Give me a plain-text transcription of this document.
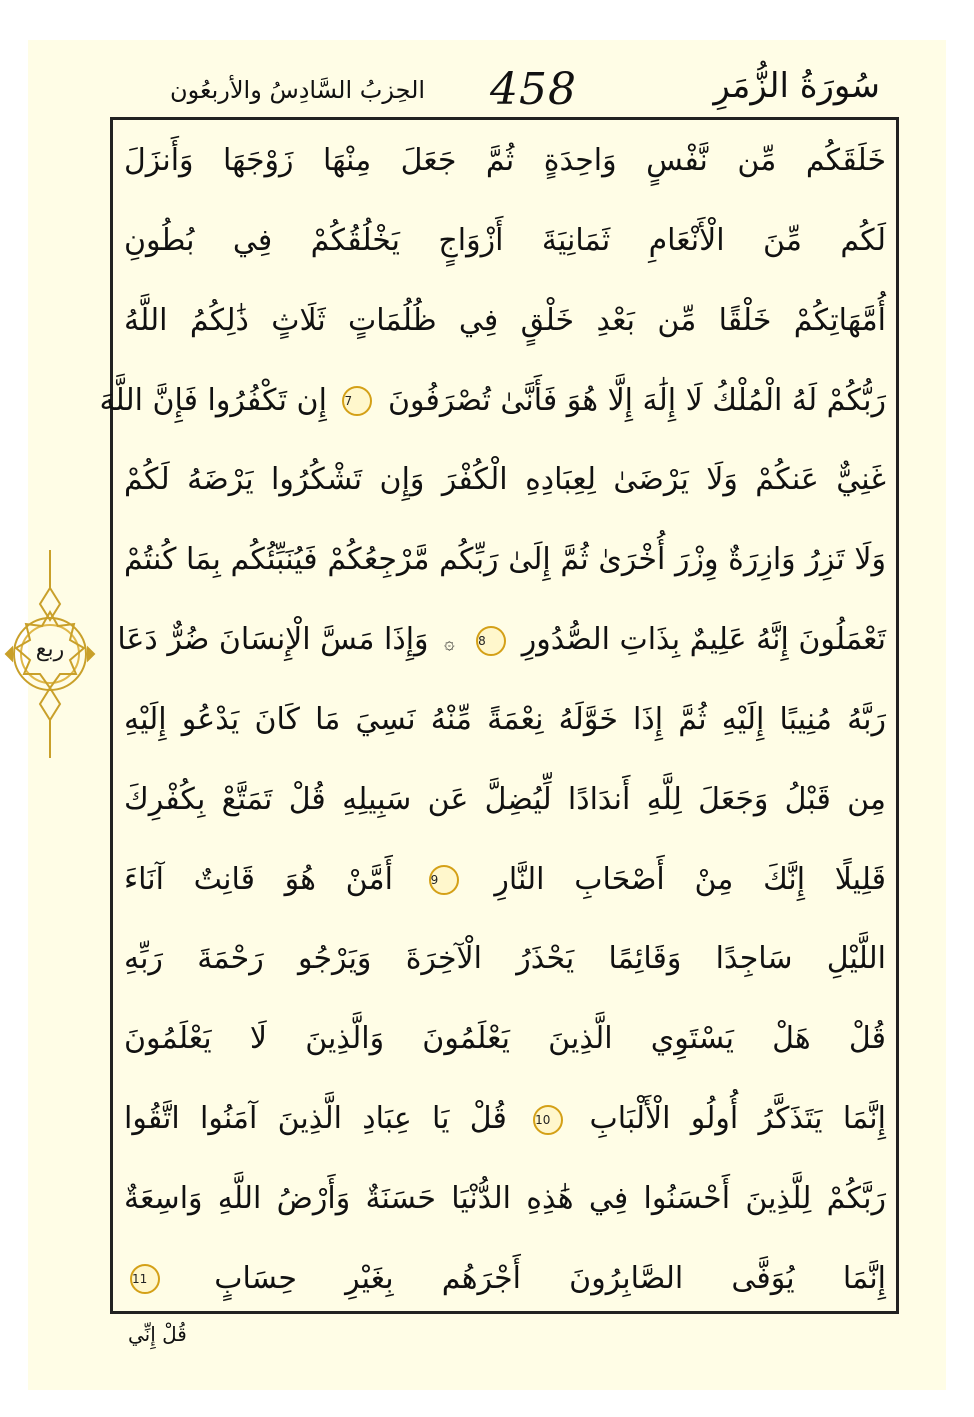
الحِزبُ السَّادِسُ والأربعُون 458	سُورَةُ الزُّمَرِ
خَلَقَكُم مِّن نَّفْسٍ وَاحِدَةٍ ثُمَّ جَعَلَ مِنْهَا زَوْجَهَا وَأَنزَلَ
لَكُم مِّنَ الْأَنْعَامِ ثَمَانِيَةَ أَزْوَاجٍ يَخْلُقُكُمْ فِي بُطُونِ
أُمَّهَاتِكُمْ خَلْقًا مِّن بَعْدِ خَلْقٍ فِي ظُلُمَاتٍ ثَلَاثٍ ذَٰلِكُمُ اللَّهُ
رَبُّكُمْ لَهُ الْمُلْكُ لَا إِلَٰهَ إِلَّا هُوَ فَأَنَّىٰ تُصْرَفُونَ 7 إِن تَكْفُرُوا فَإِنَّ اللَّهَ
غَنِيٌّ عَنكُمْ وَلَا يَرْضَىٰ لِعِبَادِهِ الْكُفْرَ وَإِن تَشْكُرُوا يَرْضَهُ لَكُمْ
وَلَا تَزِرُ وَازِرَةٌ وِزْرَ أُخْرَىٰ ثُمَّ إِلَىٰ رَبِّكُم مَّرْجِعُكُمْ فَيُنَبِّئُكُم بِمَا كُنتُمْ
تَعْمَلُونَ إِنَّهُ عَلِيمٌ بِذَاتِ الصُّدُورِ 8 ۞ وَإِذَا مَسَّ الْإِنسَانَ ضُرٌّ دَعَا
رَبَّهُ مُنِيبًا إِلَيْهِ ثُمَّ إِذَا خَوَّلَهُ نِعْمَةً مِّنْهُ نَسِيَ مَا كَانَ يَدْعُو إِلَيْهِ
مِن قَبْلُ وَجَعَلَ لِلَّهِ أَندَادًا لِّيُضِلَّ عَن سَبِيلِهِ قُلْ تَمَتَّعْ بِكُفْرِكَ
قَلِيلًا إِنَّكَ مِنْ أَصْحَابِ النَّارِ 9 أَمَّنْ هُوَ قَانِتٌ آنَاءَ
اللَّيْلِ سَاجِدًا وَقَائِمًا يَحْذَرُ الْآخِرَةَ وَيَرْجُو رَحْمَةَ رَبِّهِ
قُلْ هَلْ يَسْتَوِي الَّذِينَ يَعْلَمُونَ وَالَّذِينَ لَا يَعْلَمُونَ
إِنَّمَا يَتَذَكَّرُ أُولُو الْأَلْبَابِ 10 قُلْ يَا عِبَادِ الَّذِينَ آمَنُوا اتَّقُوا
رَبَّكُمْ لِلَّذِينَ أَحْسَنُوا فِي هَٰذِهِ الدُّنْيَا حَسَنَةٌ وَأَرْضُ اللَّهِ وَاسِعَةٌ
إِنَّمَا يُوَفَّى الصَّابِرُونَ أَجْرَهُم بِغَيْرِ حِسَابٍ 11
ربع
قُلْ إِنِّي
